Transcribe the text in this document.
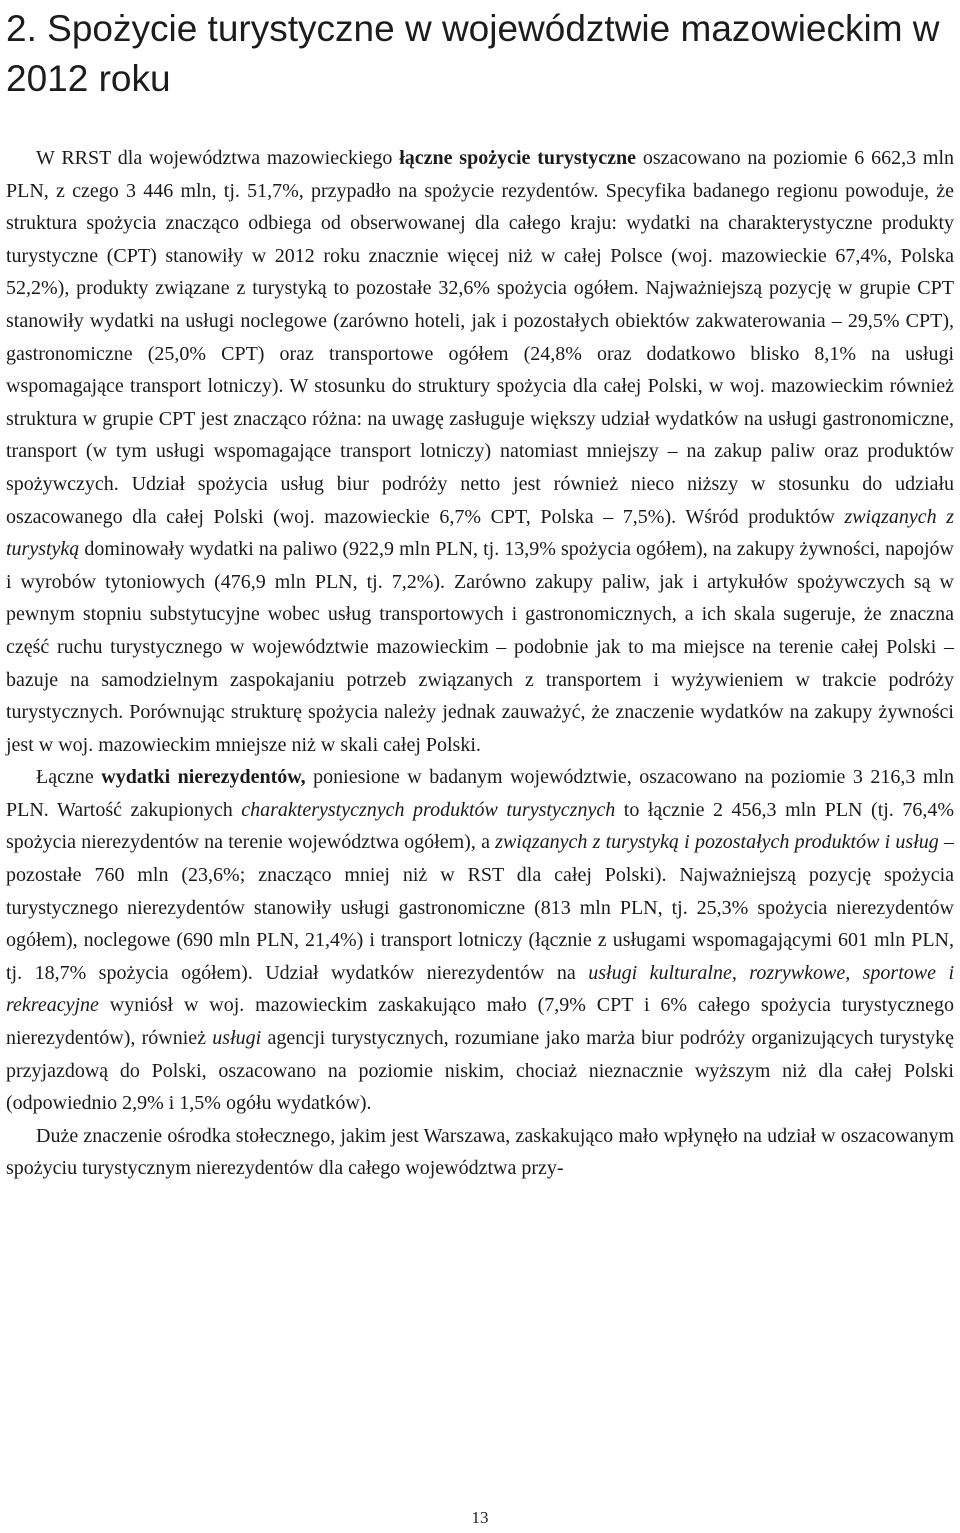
2. Spożycie turystyczne w województwie mazowieckim w 2012 roku

W RRST dla województwa mazowieckiego łączne spożycie turystyczne oszacowano na poziomie 6 662,3 mln PLN, z czego 3 446 mln, tj. 51,7%, przypadło na spożycie rezydentów. Specyfika badanego regionu powoduje, że struktura spożycia znacząco odbiega od obserwowanej dla całego kraju: wydatki na charakterystyczne produkty turystyczne (CPT) stanowiły w 2012 roku znacznie więcej niż w całej Polsce (woj. mazowieckie 67,4%, Polska 52,2%), produkty związane z turystyką to pozostałe 32,6% spożycia ogółem. Najważniejszą pozycję w grupie CPT stanowiły wydatki na usługi noclegowe (zarówno hoteli, jak i pozostałych obiektów zakwaterowania – 29,5% CPT), gastronomiczne (25,0% CPT) oraz transportowe ogółem (24,8% oraz dodatkowo blisko 8,1% na usługi wspomagające transport lotniczy). W stosunku do struktury spożycia dla całej Polski, w woj. mazowieckim również struktura w grupie CPT jest znacząco różna: na uwagę zasługuje większy udział wydatków na usługi gastronomiczne, transport (w tym usługi wspomagające transport lotniczy) natomiast mniejszy – na zakup paliw oraz produktów spożywczych. Udział spożycia usług biur podróży netto jest również nieco niższy w stosunku do udziału oszacowanego dla całej Polski (woj. mazowieckie 6,7% CPT, Polska – 7,5%). Wśród produktów związanych z turystyką dominowały wydatki na paliwo (922,9 mln PLN, tj. 13,9% spożycia ogółem), na zakupy żywności, napojów i wyrobów tytoniowych (476,9 mln PLN, tj. 7,2%). Zarówno zakupy paliw, jak i artykułów spożywczych są w pewnym stopniu substytucyjne wobec usług transportowych i gastronomicznych, a ich skala sugeruje, że znaczna część ruchu turystycznego w województwie mazowieckim – podobnie jak to ma miejsce na terenie całej Polski – bazuje na samodzielnym zaspokajaniu potrzeb związanych z transportem i wyżywieniem w trakcie podróży turystycznych. Porównując strukturę spożycia należy jednak zauważyć, że znaczenie wydatków na zakupy żywności jest w woj. mazowieckim mniejsze niż w skali całej Polski.

Łączne wydatki nierezydentów, poniesione w badanym województwie, oszacowano na poziomie 3 216,3 mln PLN. Wartość zakupionych charakterystycznych produktów turystycznych to łącznie 2 456,3 mln PLN (tj. 76,4% spożycia nierezydentów na terenie województwa ogółem), a związanych z turystyką i pozostałych produktów i usług – pozostałe 760 mln (23,6%; znacząco mniej niż w RST dla całej Polski). Najważniejszą pozycję spożycia turystycznego nierezydentów stanowiły usługi gastronomiczne (813 mln PLN, tj. 25,3% spożycia nierezydentów ogółem), noclegowe (690 mln PLN, 21,4%) i transport lotniczy (łącznie z usługami wspomagającymi 601 mln PLN, tj. 18,7% spożycia ogółem). Udział wydatków nierezydentów na usługi kulturalne, rozrywkowe, sportowe i rekreacyjne wyniósł w woj. mazowieckim zaskakująco mało (7,9% CPT i 6% całego spożycia turystycznego nierezydentów), również usługi agencji turystycznych, rozumiane jako marża biur podróży organizujących turystykę przyjazdową do Polski, oszacowano na poziomie niskim, chociaż nieznacznie wyższym niż dla całej Polski (odpowiednio 2,9% i 1,5% ogółu wydatków).

Duże znaczenie ośrodka stołecznego, jakim jest Warszawa, zaskakująco mało wpłynęło na udział w oszacowanym spożyciu turystycznym nierezydentów dla całego województwa przy-

13
